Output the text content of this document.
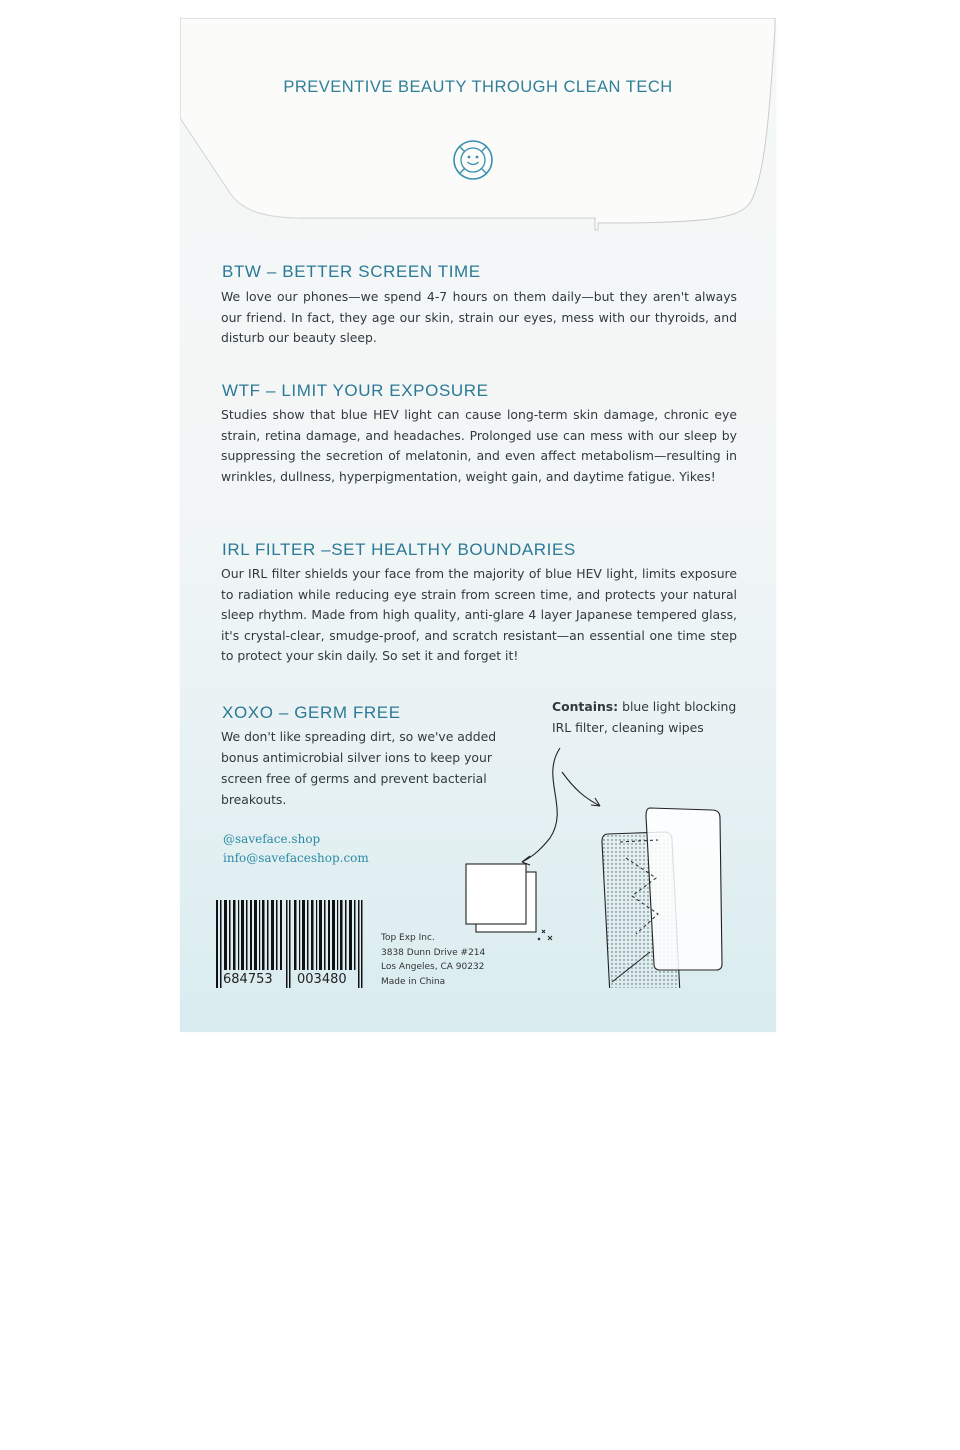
PREVENTIVE BEAUTY THROUGH CLEAN TECH
BTW – BETTER SCREEN TIME

We love our phones—we spend 4-7 hours on them daily—but they aren't always our friend. In fact, they age our skin, strain our eyes, mess with our thyroids, and disturb our beauty sleep.

WTF – LIMIT YOUR EXPOSURE

Studies show that blue HEV light can cause long-term skin damage, chronic eye strain, retina damage, and headaches. Prolonged use can mess with our sleep by suppressing the secretion of melatonin, and even affect metabolism—resulting in wrinkles, dullness, hyperpigmentation, weight gain, and daytime fatigue. Yikes!

IRL FILTER –SET HEALTHY BOUNDARIES

Our IRL filter shields your face from the majority of blue HEV light, limits exposure to radiation while reducing eye strain from screen time, and protects your natural sleep rhythm. Made from high quality, anti-glare 4 layer Japanese tempered glass, it's crystal-clear, smudge-proof, and scratch resistant—an essential one time step to protect your skin daily. So set it and forget it!

XOXO – GERM FREE

We don't like spreading dirt, so we've added bonus antimicrobial silver ions to keep your screen free of germs and prevent bacterial breakouts.

Contains: blue light blocking IRL filter, cleaning wipes
@saveface.shop
info@savefaceshop.com
684753 003480
Top Exp Inc.
3838 Dunn Drive #214
Los Angeles, CA 90232
Made in China
